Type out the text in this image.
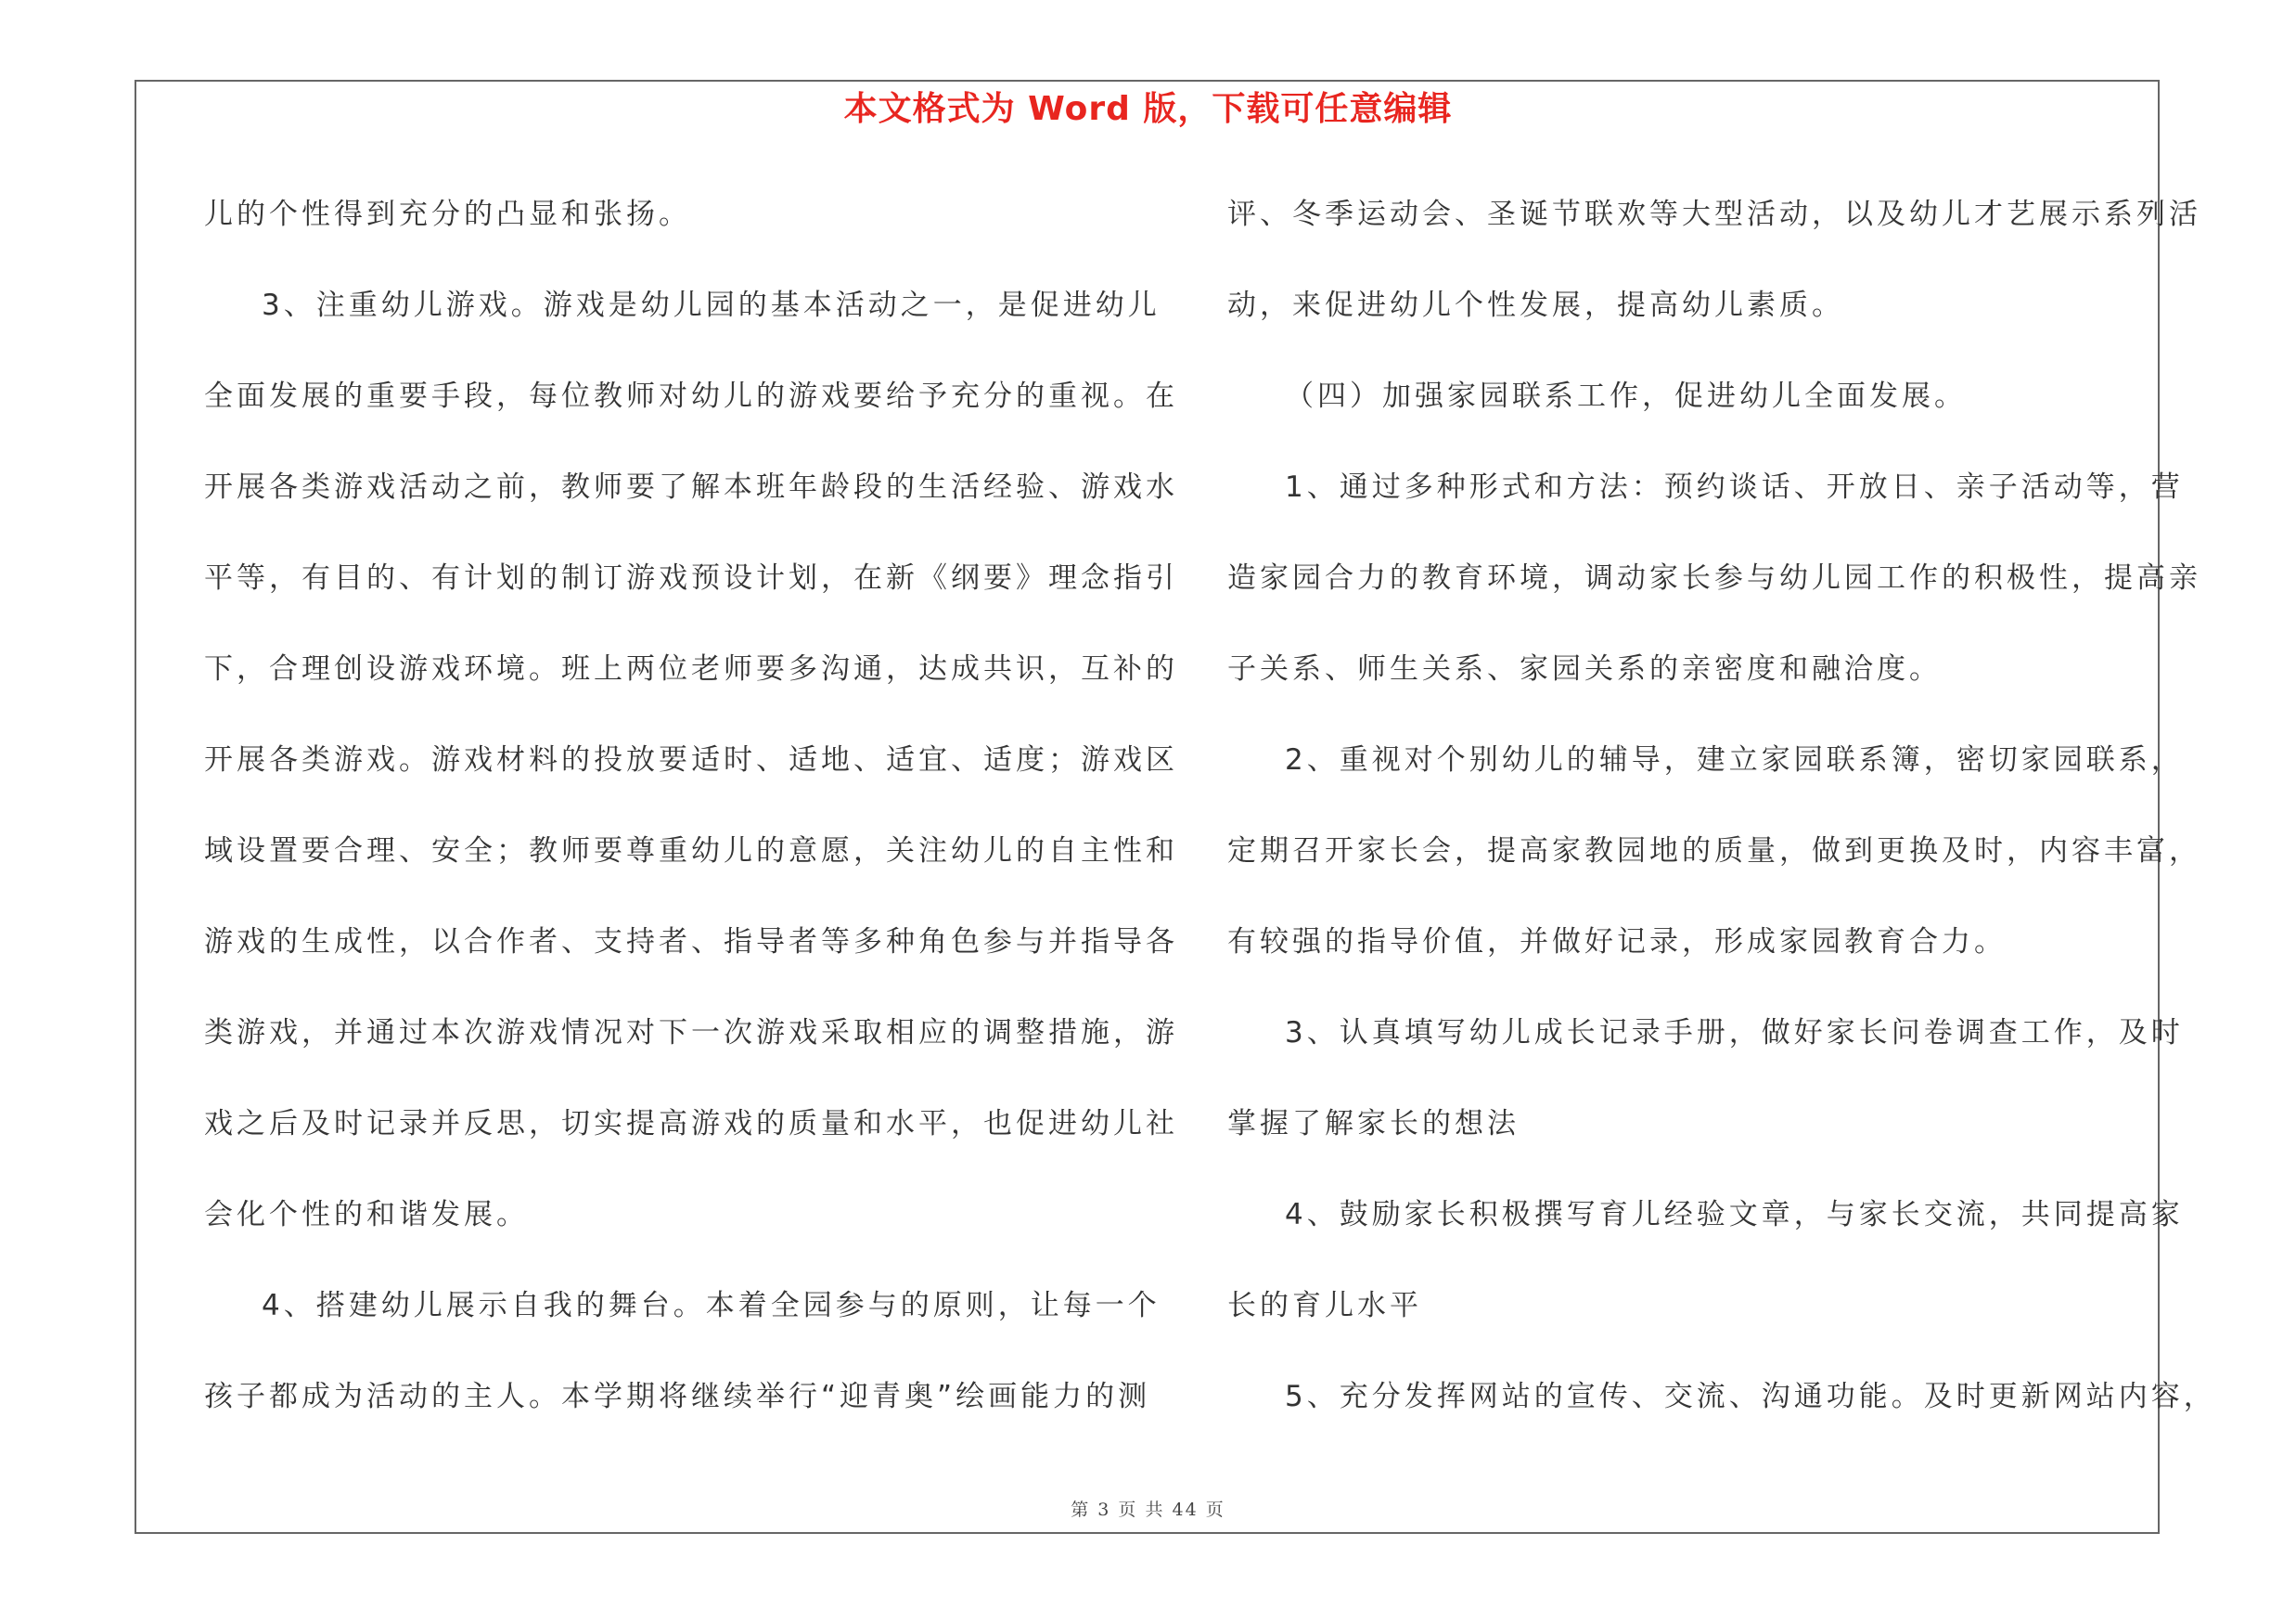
本文格式为 Word 版，下载可任意编辑

儿的个性得到充分的凸显和张扬。

3、注重幼儿游戏。游戏是幼儿园的基本活动之一，是促进幼儿

全面发展的重要手段，每位教师对幼儿的游戏要给予充分的重视。在

开展各类游戏活动之前，教师要了解本班年龄段的生活经验、游戏水

平等，有目的、有计划的制订游戏预设计划，在新《纲要》理念指引

下，合理创设游戏环境。班上两位老师要多沟通，达成共识，互补的

开展各类游戏。游戏材料的投放要适时、适地、适宜、适度；游戏区

域设置要合理、安全；教师要尊重幼儿的意愿，关注幼儿的自主性和

游戏的生成性，以合作者、支持者、指导者等多种角色参与并指导各

类游戏，并通过本次游戏情况对下一次游戏采取相应的调整措施，游

戏之后及时记录并反思，切实提高游戏的质量和水平，也促进幼儿社

会化个性的和谐发展。

4、搭建幼儿展示自我的舞台。本着全园参与的原则，让每一个

孩子都成为活动的主人。本学期将继续举行“迎青奥”绘画能力的测

评、冬季运动会、圣诞节联欢等大型活动，以及幼儿才艺展示系列活

动，来促进幼儿个性发展，提高幼儿素质。

（四）加强家园联系工作，促进幼儿全面发展。

1、通过多种形式和方法：预约谈话、开放日、亲子活动等，营

造家园合力的教育环境，调动家长参与幼儿园工作的积极性，提高亲

子关系、师生关系、家园关系的亲密度和融洽度。

2、重视对个别幼儿的辅导，建立家园联系簿，密切家园联系，

定期召开家长会，提高家教园地的质量，做到更换及时，内容丰富，

有较强的指导价值，并做好记录，形成家园教育合力。

3、认真填写幼儿成长记录手册，做好家长问卷调查工作，及时

掌握了解家长的想法

4、鼓励家长积极撰写育儿经验文章，与家长交流，共同提高家

长的育儿水平

5、充分发挥网站的宣传、交流、沟通功能。及时更新网站内容，

第 3 页 共 44 页
